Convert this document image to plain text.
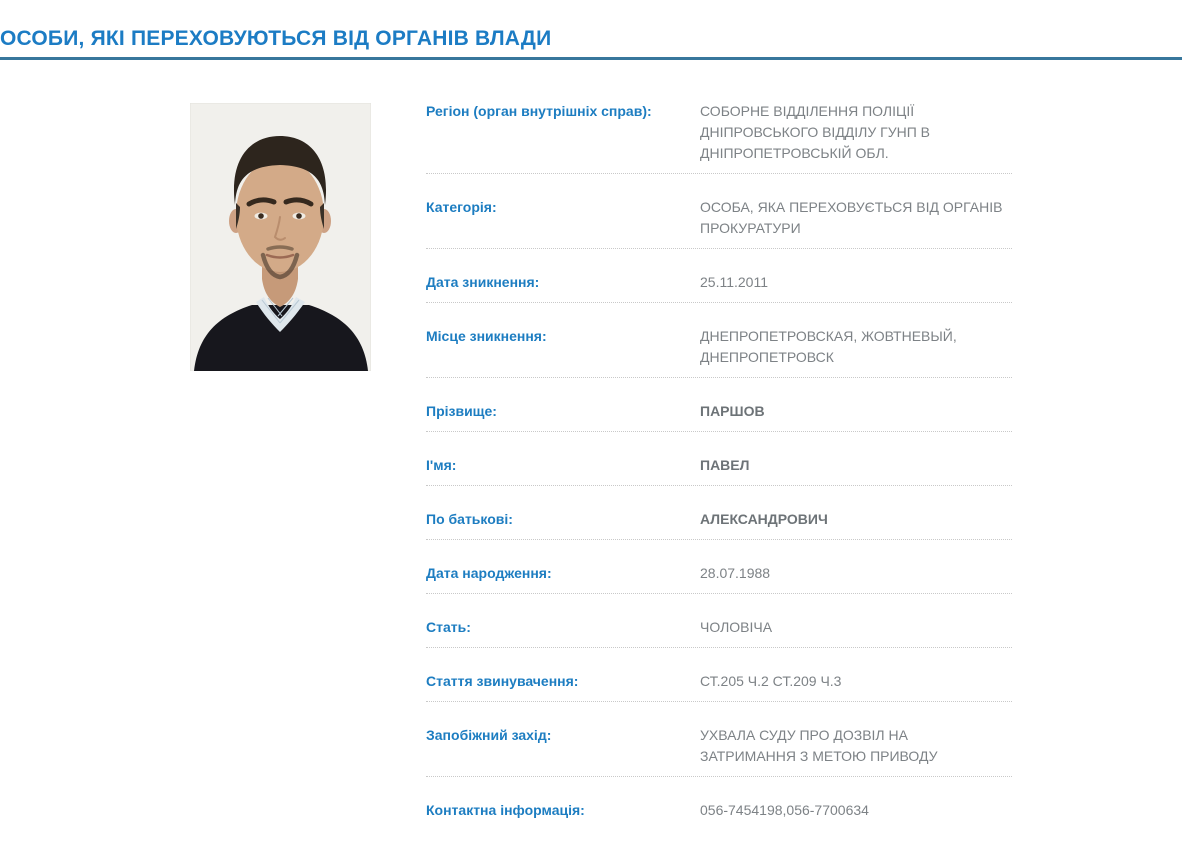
ОСОБИ, ЯКІ ПЕРЕХОВУЮТЬСЯ ВІД ОРГАНІВ ВЛАДИ
Регіон (орган внутрішніх справ):	СОБОРНЕ ВІДДІЛЕННЯ ПОЛІЦІЇ ДНІПРОВСЬКОГО ВІДДІЛУ ГУНП В ДНІПРОПЕТРОВСЬКІЙ ОБЛ.
Категорія:	ОСОБА, ЯКА ПЕРЕХОВУЄТЬСЯ ВІД ОРГАНІВ ПРОКУРАТУРИ
Дата зникнення:	25.11.2011
Місце зникнення:	ДНЕПРОПЕТРОВСКАЯ, ЖОВТНЕВЫЙ, ДНЕПРОПЕТРОВСК
Прізвище:	ПАРШОВ
І'мя:	ПАВЕЛ
По батькові:	АЛЕКСАНДРОВИЧ
Дата народження:	28.07.1988
Стать:	ЧОЛОВІЧА
Стаття звинувачення:	СТ.205 Ч.2 СТ.209 Ч.3
Запобіжний захід:	УХВАЛА СУДУ ПРО ДОЗВІЛ НА ЗАТРИМАННЯ З МЕТОЮ ПРИВОДУ
Контактна інформація:	056-7454198,056-7700634
